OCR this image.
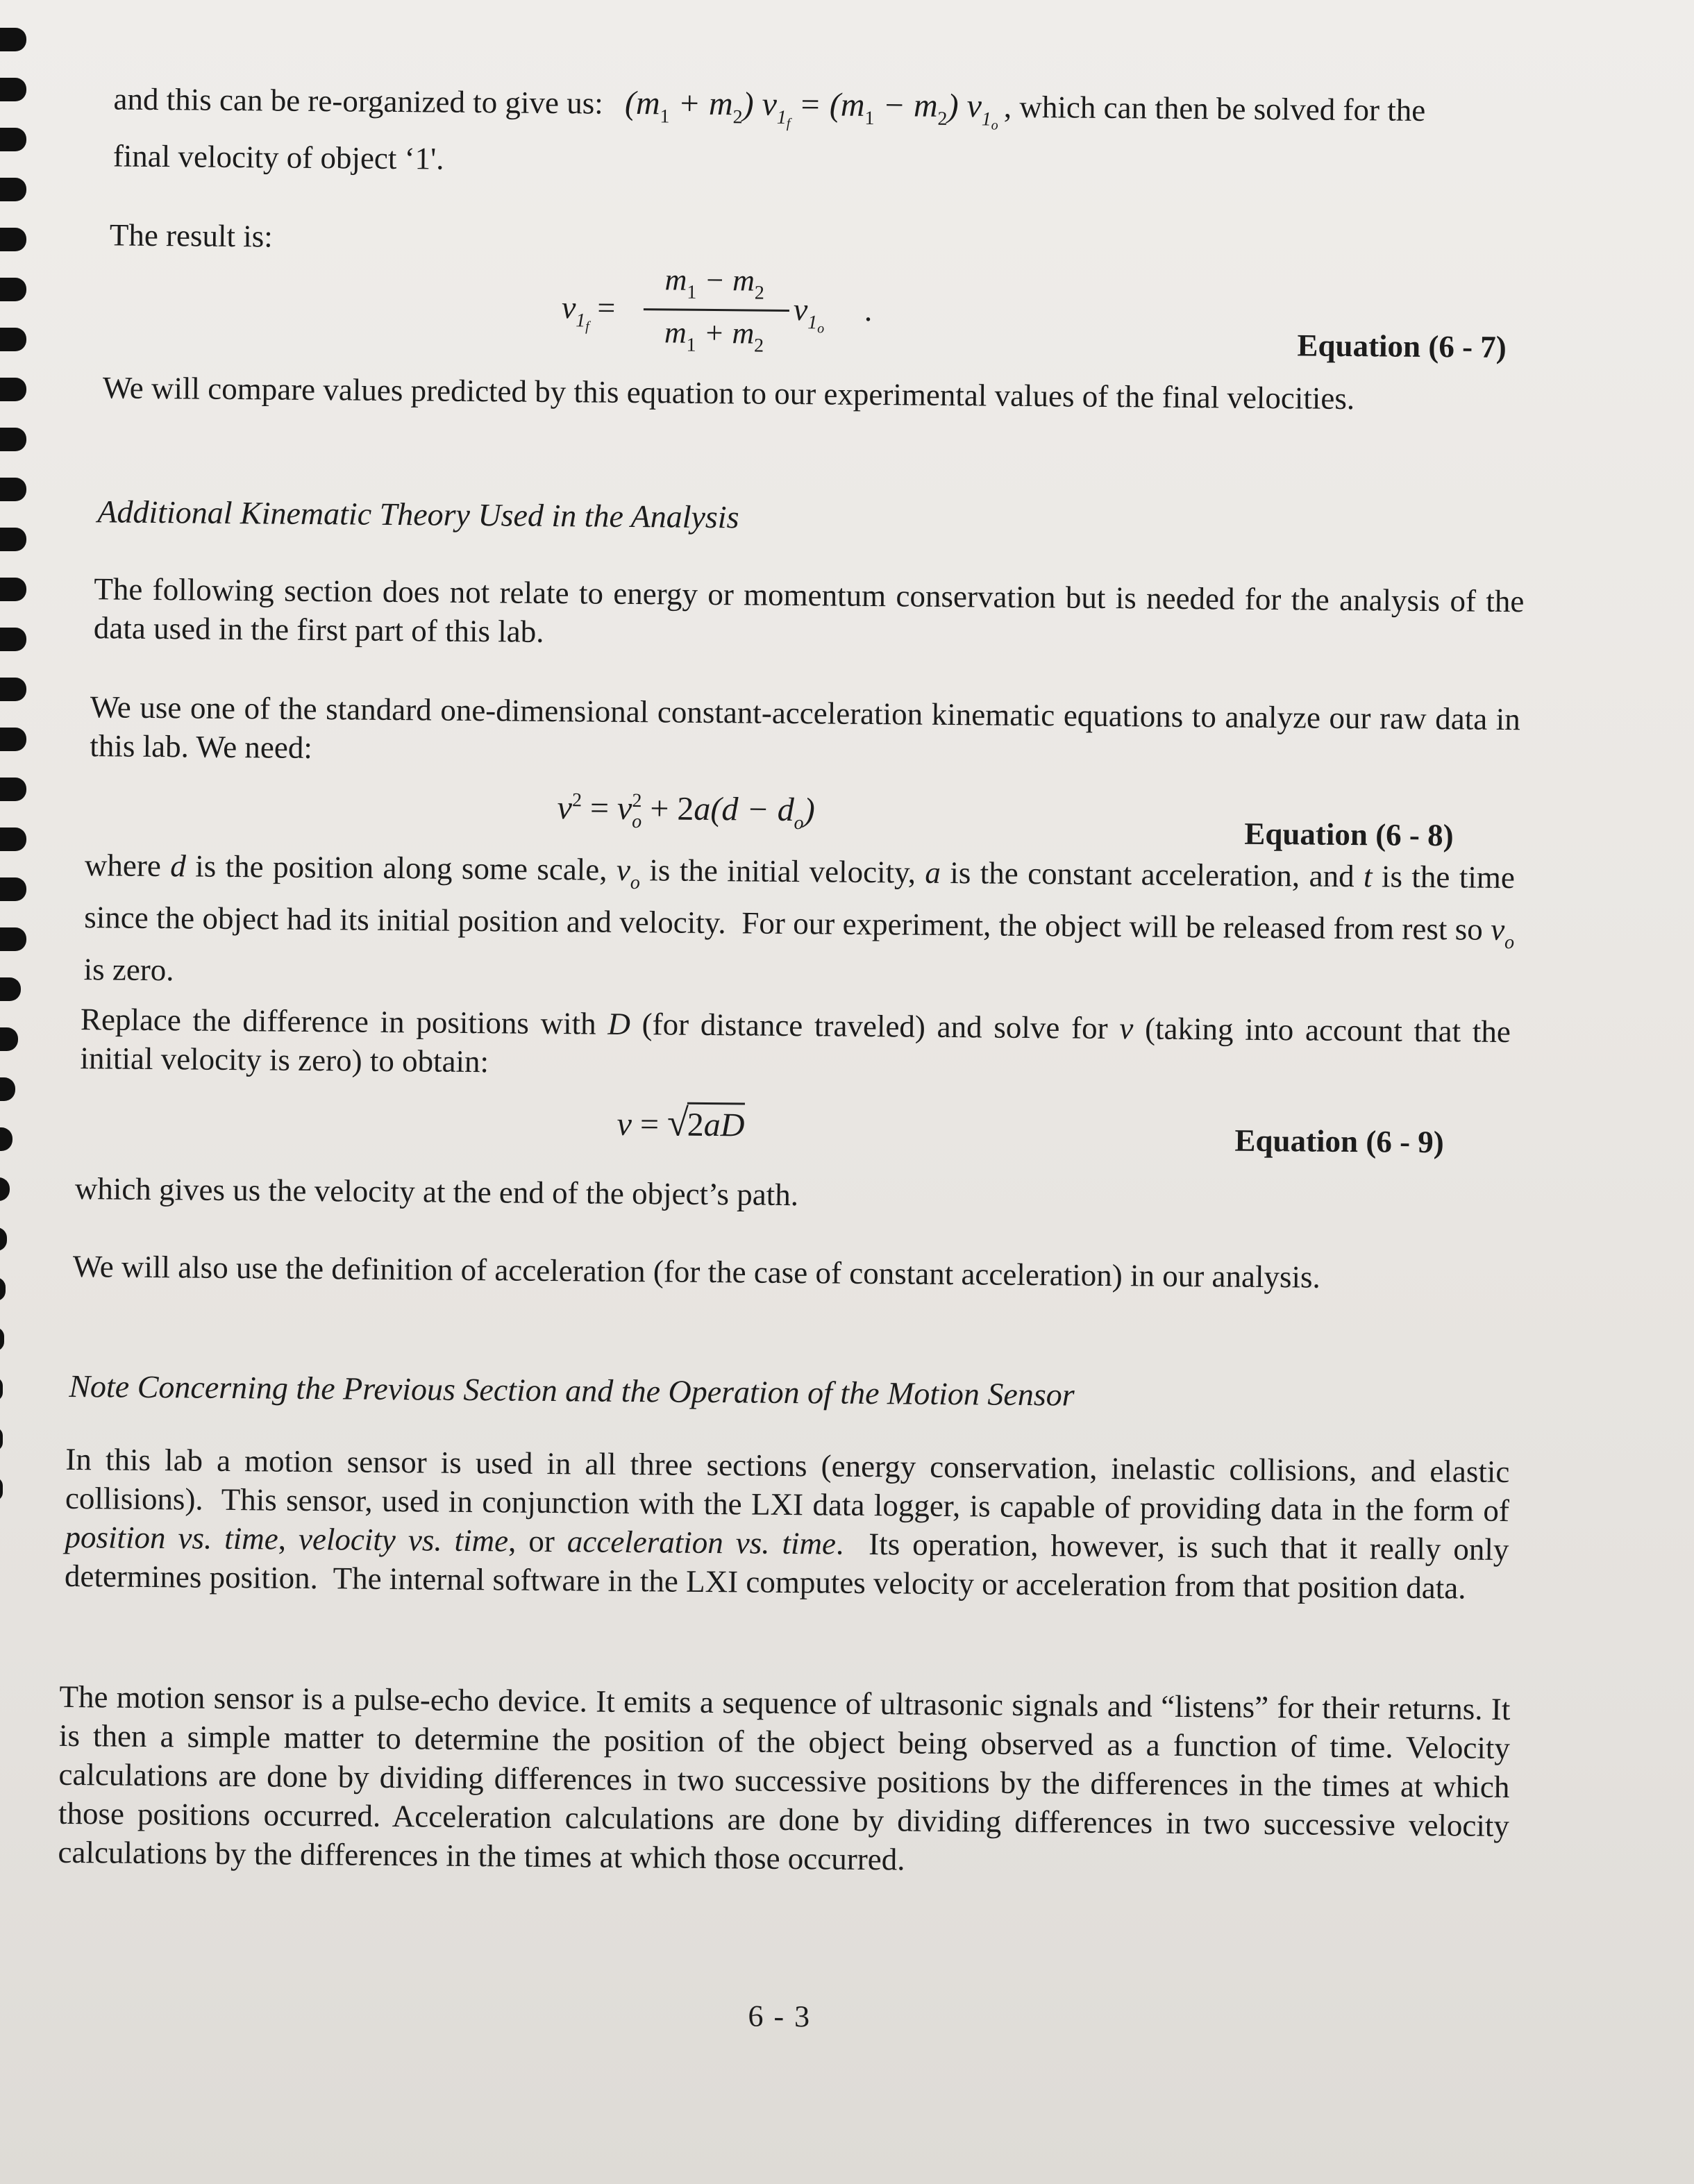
and this can be re-organized to give us: $(m_1 + m_2) v_{1_f} = (m_1 - m_2)$ $v_{1_o}$ , which can then be solved for the
final velocity of object ‘1'.
The result is:
$v_{1_f}$ =
$m_1 - m_2$
$m_1 + m_2$
$v_{1_o}$ .
Equation (6 - 7)
We will compare values predicted by this equation to our experimental values of the final velocities.
Additional Kinematic Theory Used in the Analysis
The following section does not relate to energy or momentum conservation but is needed for the analysis of the data used in the first part of this lab.
We use one of the standard one-dimensional constant-acceleration kinematic equations to analyze our raw data in this lab. We need:
$v^2 = v_o^2 + 2a(d - d_o)$
Equation (6 - 8)
where d is the position along some scale, $v_o$ is the initial velocity, a is the constant acceleration, and t is the time since the object had its initial position and velocity.  For our experiment, the object will be released from rest so $v_o$ is zero.
Replace the difference in positions with D (for distance traveled) and solve for v (taking into account that the initial velocity is zero) to obtain:
v = √2aD	Equation (6 - 9)
which gives us the velocity at the end of the object’s path.
We will also use the definition of acceleration (for the case of constant acceleration) in our analysis.
Note Concerning the Previous Section and the Operation of the Motion Sensor
In this lab a motion sensor is used in all three sections (energy conservation, inelastic collisions, and elastic collisions).  This sensor, used in conjunction with the LXI data logger, is capable of providing data in the form of position vs. time, velocity vs. time, or acceleration vs. time.  Its operation, however, is such that it really only determines position.  The internal software in the LXI computes velocity or acceleration from that position data.
The motion sensor is a pulse-echo device. It emits a sequence of ultrasonic signals and “listens” for their returns. It is then a simple matter to determine the position of the object being observed as a function of time. Velocity calculations are done by dividing differences in two successive positions by the differences in the times at which those positions occurred. Acceleration calculations are done by dividing differences in two successive velocity calculations by the differences in the times at which those occurred.
6 - 3
